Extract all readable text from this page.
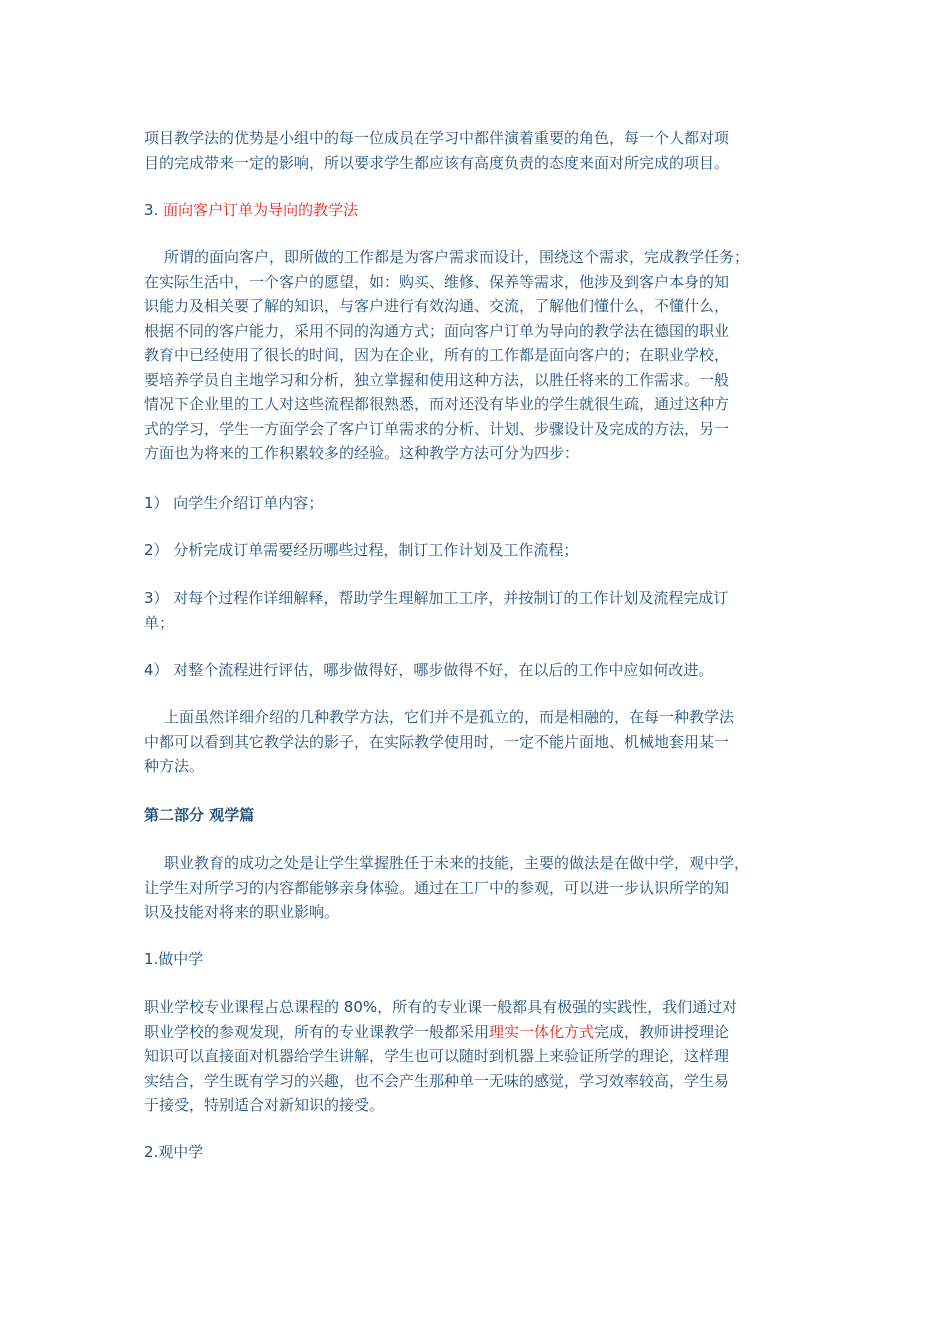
项目教学法的优势是小组中的每一位成员在学习中都伴演着重要的角色，每一个人都对项
目的完成带来一定的影响，所以要求学生都应该有高度负责的态度来面对所完成的项目。
3. 面向客户订单为导向的教学法
所谓的面向客户，即所做的工作都是为客户需求而设计，围绕这个需求，完成教学任务；
在实际生活中，一个客户的愿望，如：购买、维修、保养等需求，他涉及到客户本身的知
识能力及相关要了解的知识，与客户进行有效沟通、交流，了解他们懂什么，不懂什么，
根据不同的客户能力，采用不同的沟通方式；面向客户订单为导向的教学法在德国的职业
教育中已经使用了很长的时间，因为在企业，所有的工作都是面向客户的；在职业学校，
要培养学员自主地学习和分析，独立掌握和使用这种方法，以胜任将来的工作需求。一般
情况下企业里的工人对这些流程都很熟悉，而对还没有毕业的学生就很生疏，通过这种方
式的学习，学生一方面学会了客户订单需求的分析、计划、步骤设计及完成的方法，另一
方面也为将来的工作积累较多的经验。这种教学方法可分为四步：
1） 向学生介绍订单内容；
2） 分析完成订单需要经历哪些过程，制订工作计划及工作流程；
3） 对每个过程作详细解释，帮助学生理解加工工序，并按制订的工作计划及流程完成订
单；
4） 对整个流程进行评估，哪步做得好，哪步做得不好，在以后的工作中应如何改进。
上面虽然详细介绍的几种教学方法，它们并不是孤立的，而是相融的，在每一种教学法
中都可以看到其它教学法的影子，在实际教学使用时，一定不能片面地、机械地套用某一
种方法。
第二部分 观学篇
职业教育的成功之处是让学生掌握胜任于未来的技能，主要的做法是在做中学，观中学，
让学生对所学习的内容都能够亲身体验。通过在工厂中的参观，可以进一步认识所学的知
识及技能对将来的职业影响。
1.做中学
职业学校专业课程占总课程的 80%，所有的专业课一般都具有极强的实践性，我们通过对
职业学校的参观发现，所有的专业课教学一般都采用理实一体化方式完成，教师讲授理论
知识可以直接面对机器给学生讲解，学生也可以随时到机器上来验证所学的理论，这样理
实结合，学生既有学习的兴趣，也不会产生那种单一无味的感觉，学习效率较高，学生易
于接受，特别适合对新知识的接受。
2.观中学
